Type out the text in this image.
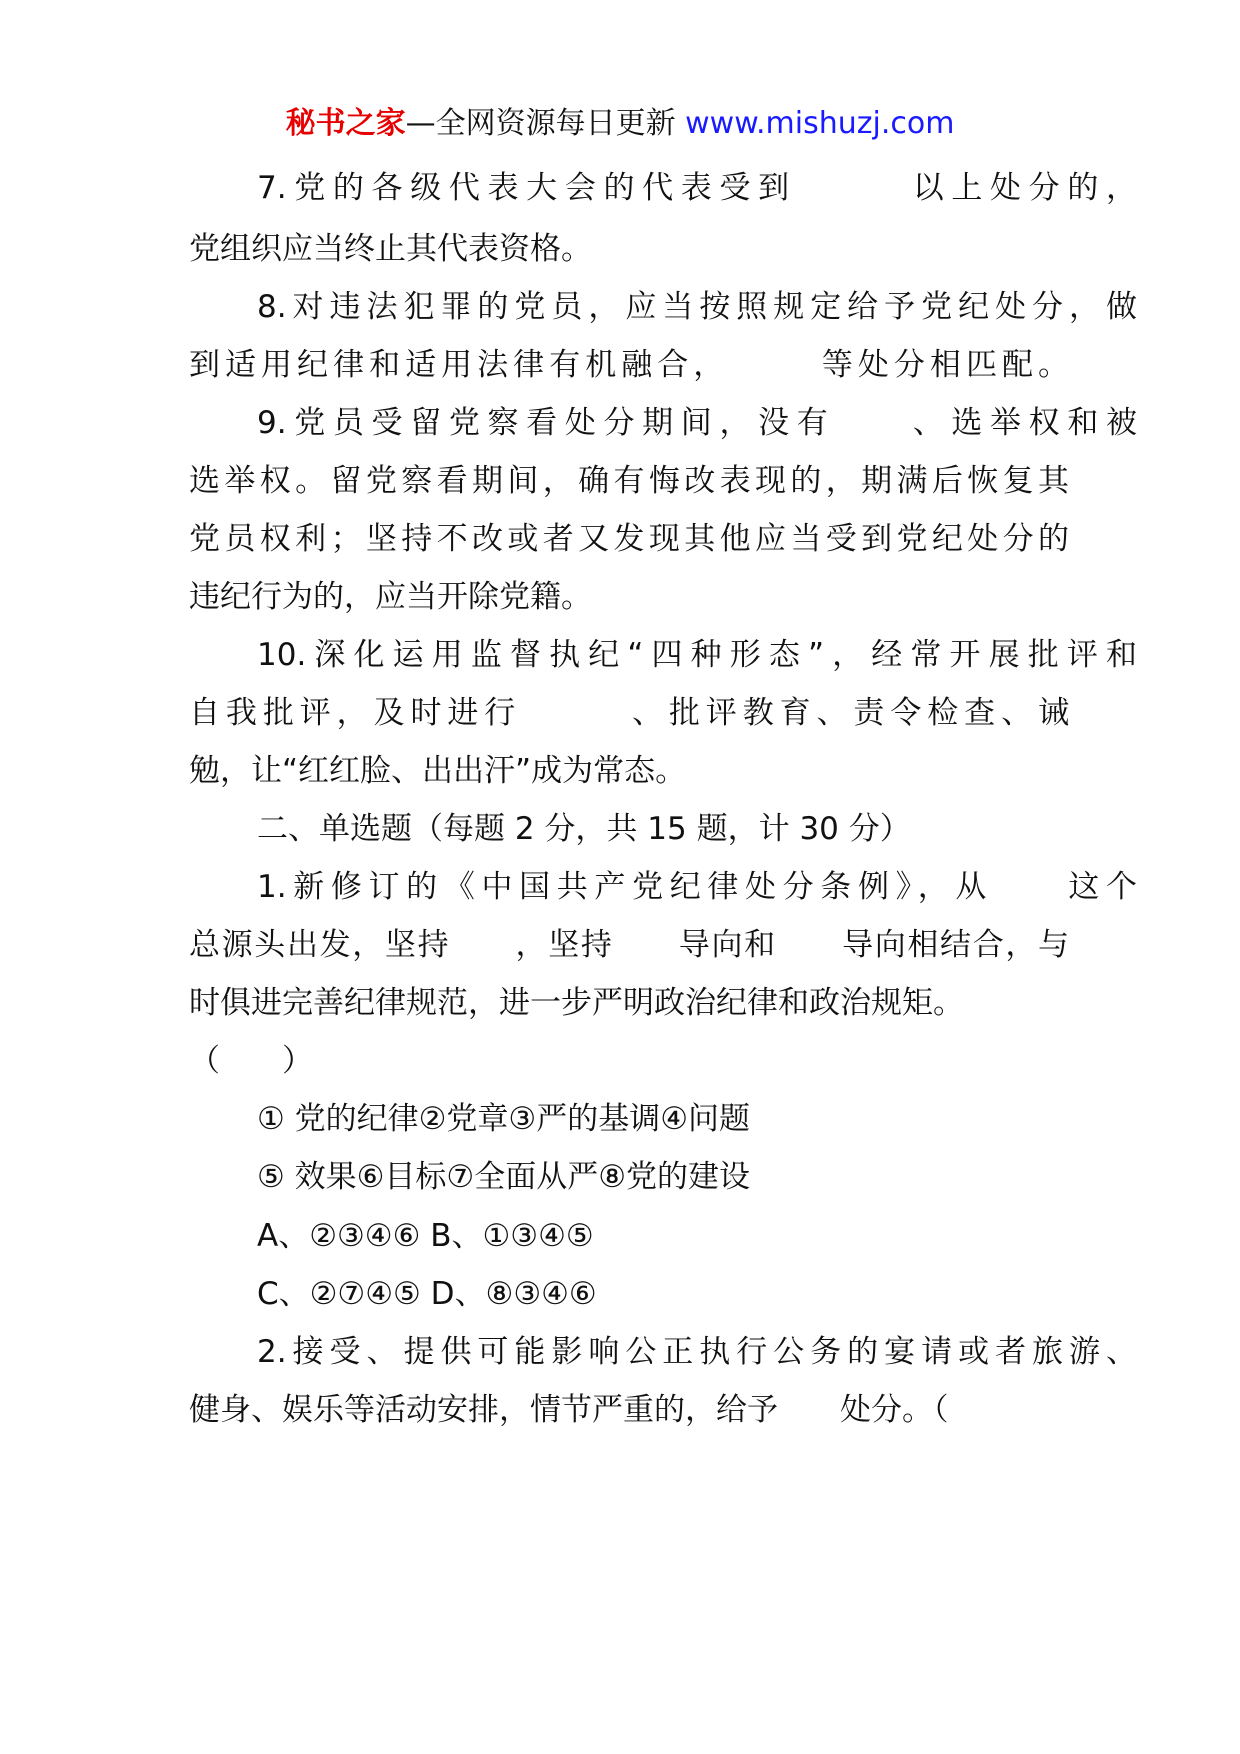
秘书之家—全网资源每日更新 www.mishuzj.com
7.党的各级代表大会的代表受到　　　以上处分的，
党组织应当终止其代表资格。
8.对违法犯罪的党员，应当按照规定给予党纪处分，做
到适用纪律和适用法律有机融合，　　　等处分相匹配。
9.党员受留党察看处分期间，没有　　、选举权和被
选举权。留党察看期间，确有悔改表现的，期满后恢复其
党员权利；坚持不改或者又发现其他应当受到党纪处分的
违纪行为的，应当开除党籍。
10.深化运用监督执纪“四种形态”，经常开展批评和
自我批评，及时进行　　　、批评教育、责令检查、诫
勉，让“红红脸、出出汗”成为常态。
二、单选题（每题 2 分，共 15 题，计 30 分）
1.新修订的《中国共产党纪律处分条例》，从　　这个
总源头出发，坚持　　，坚持　　导向和　　导向相结合，与
时俱进完善纪律规范，进一步严明政治纪律和政治规矩。
（　　）
① 党的纪律②党章③严的基调④问题
⑤ 效果⑥目标⑦全面从严⑧党的建设
A、②③④⑥ B、①③④⑤
C、②⑦④⑤ D、⑧③④⑥
2.接受、提供可能影响公正执行公务的宴请或者旅游、
健身、娱乐等活动安排，情节严重的，给予　　处分。（
